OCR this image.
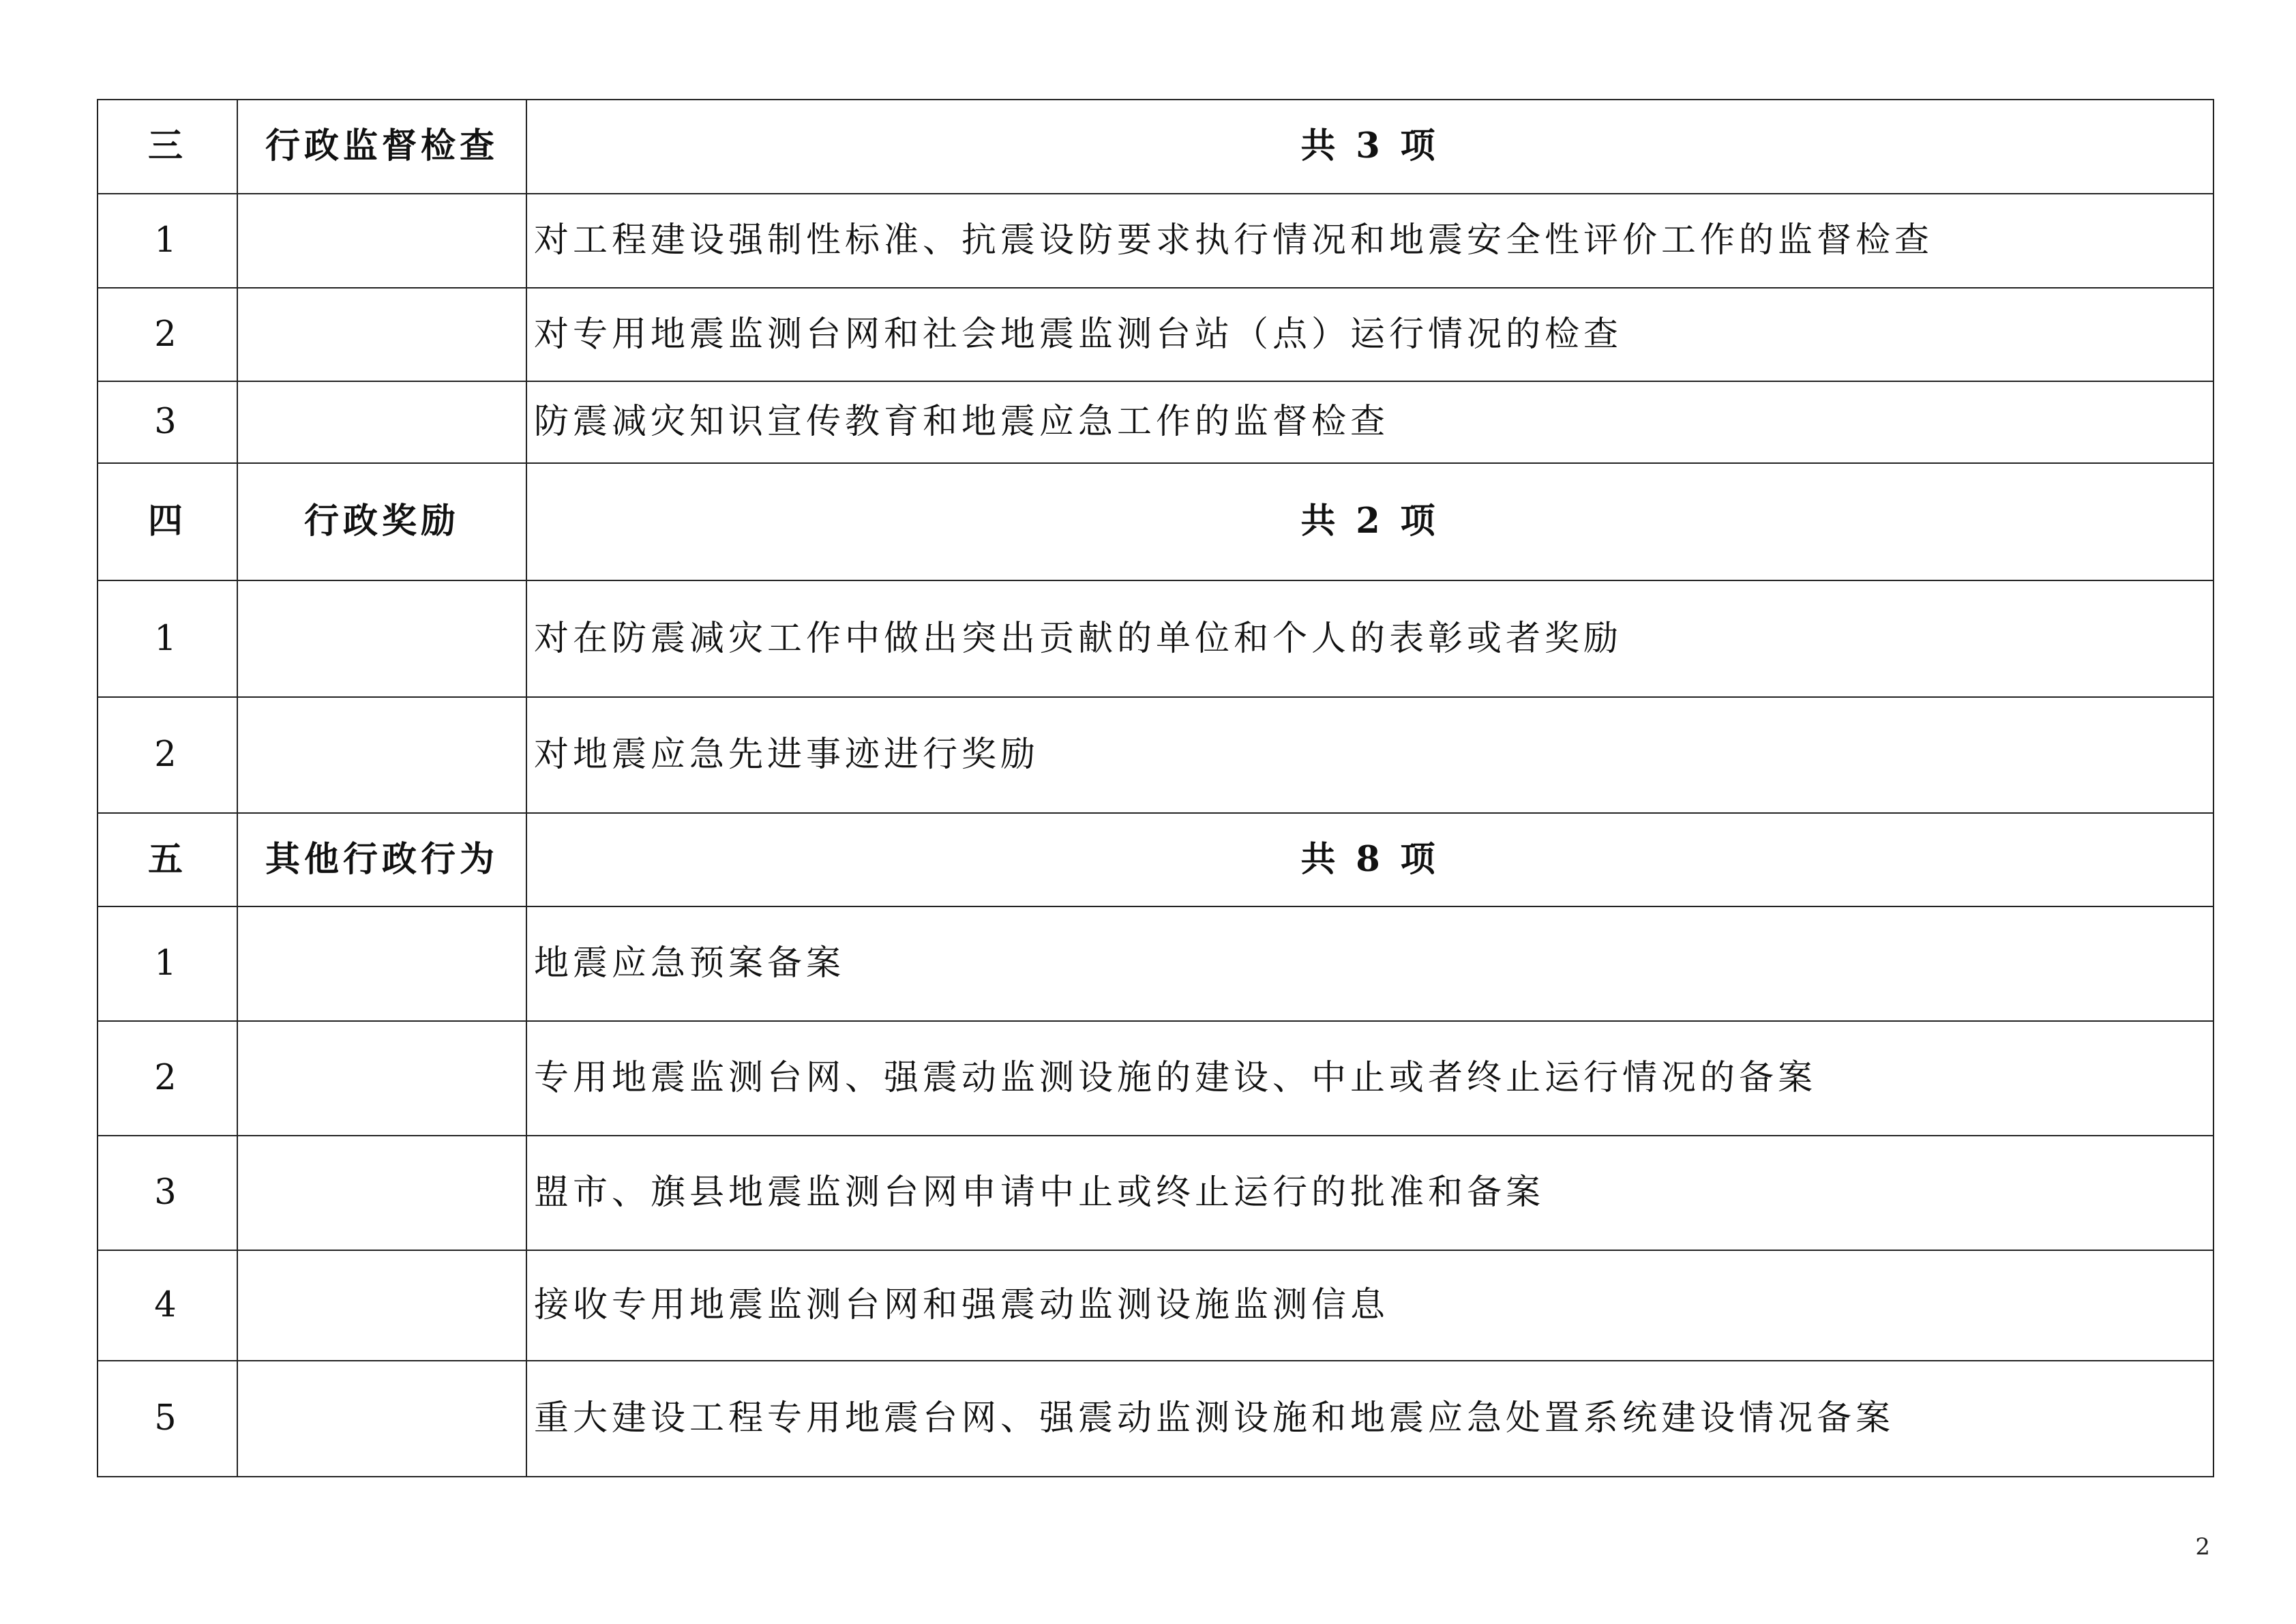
三	行政监督检查	共 3 项
1		对工程建设强制性标准、抗震设防要求执行情况和地震安全性评价工作的监督检查
2		对专用地震监测台网和社会地震监测台站（点）运行情况的检查
3		防震减灾知识宣传教育和地震应急工作的监督检查
四	行政奖励	共 2 项
1		对在防震减灾工作中做出突出贡献的单位和个人的表彰或者奖励
2		对地震应急先进事迹进行奖励
五	其他行政行为	共 8 项
1		地震应急预案备案
2		专用地震监测台网、强震动监测设施的建设、中止或者终止运行情况的备案
3		盟市、旗县地震监测台网申请中止或终止运行的批准和备案
4		接收专用地震监测台网和强震动监测设施监测信息
5		重大建设工程专用地震台网、强震动监测设施和地震应急处置系统建设情况备案
2
